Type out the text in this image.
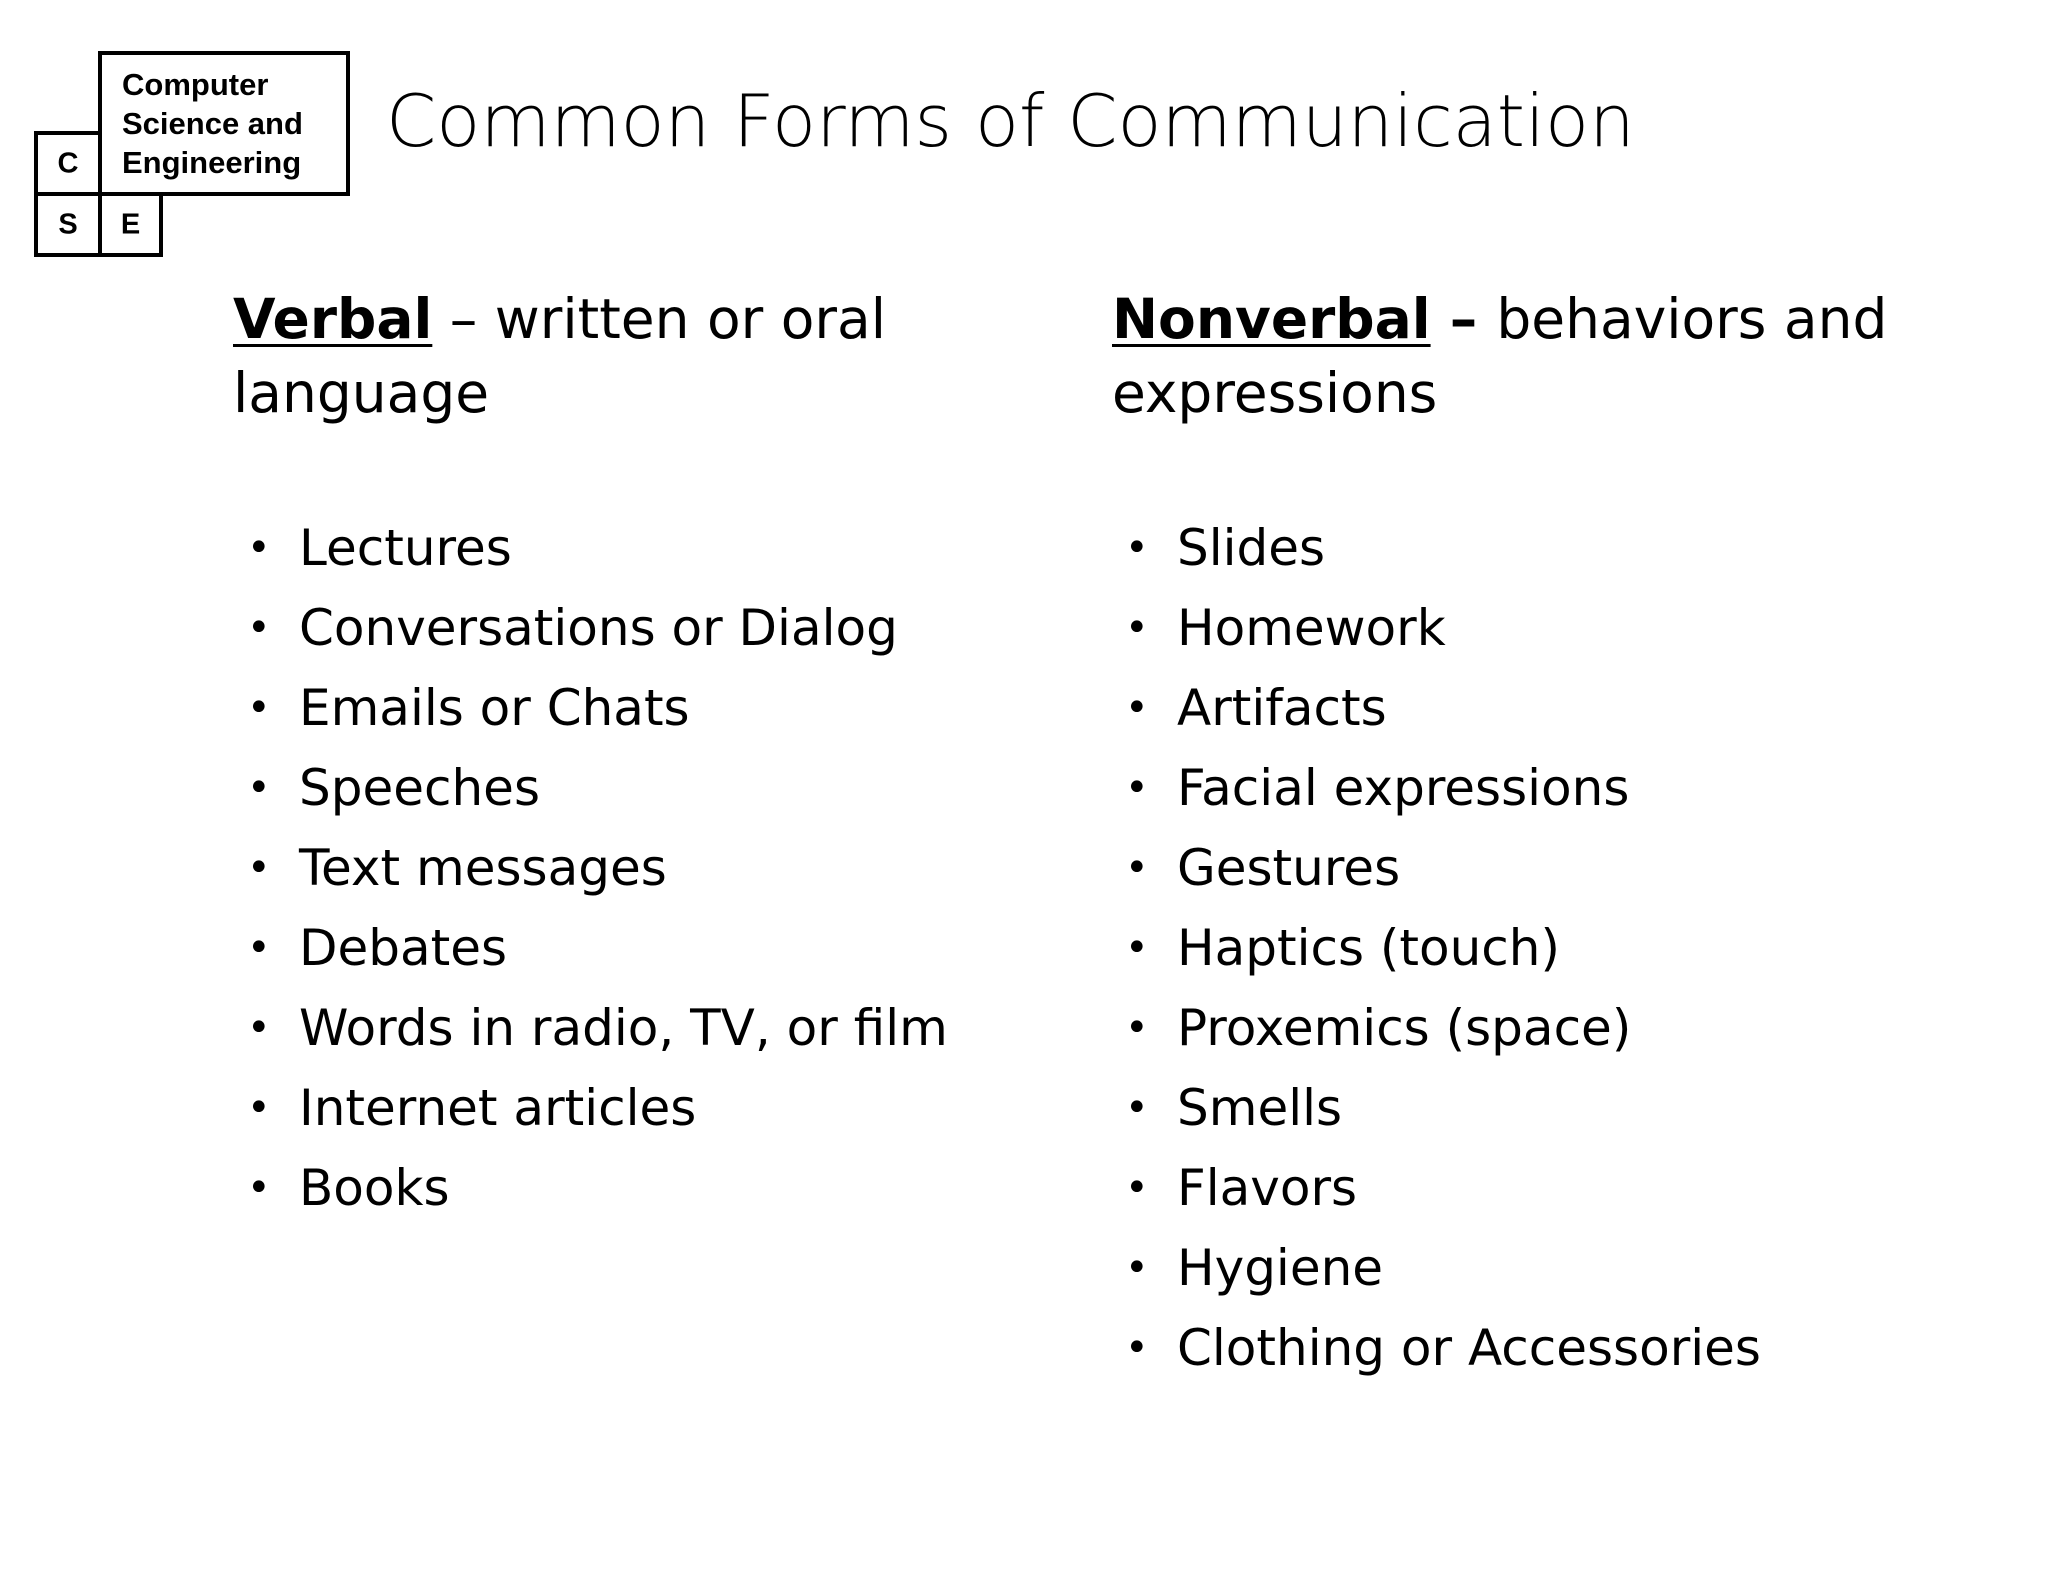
Computer
Science and
Engineering
C
S	E
Common Forms of Communication

Verbal – written or oral language

• Lectures
• Conversations or Dialog
• Emails or Chats
• Speeches
• Text messages
• Debates
• Words in radio, TV, or film
• Internet articles
• Books

Nonverbal – behaviors and expressions

• Slides
• Homework
• Artifacts
• Facial expressions
• Gestures
• Haptics (touch)
• Proxemics (space)
• Smells
• Flavors
• Hygiene
• Clothing or Accessories
